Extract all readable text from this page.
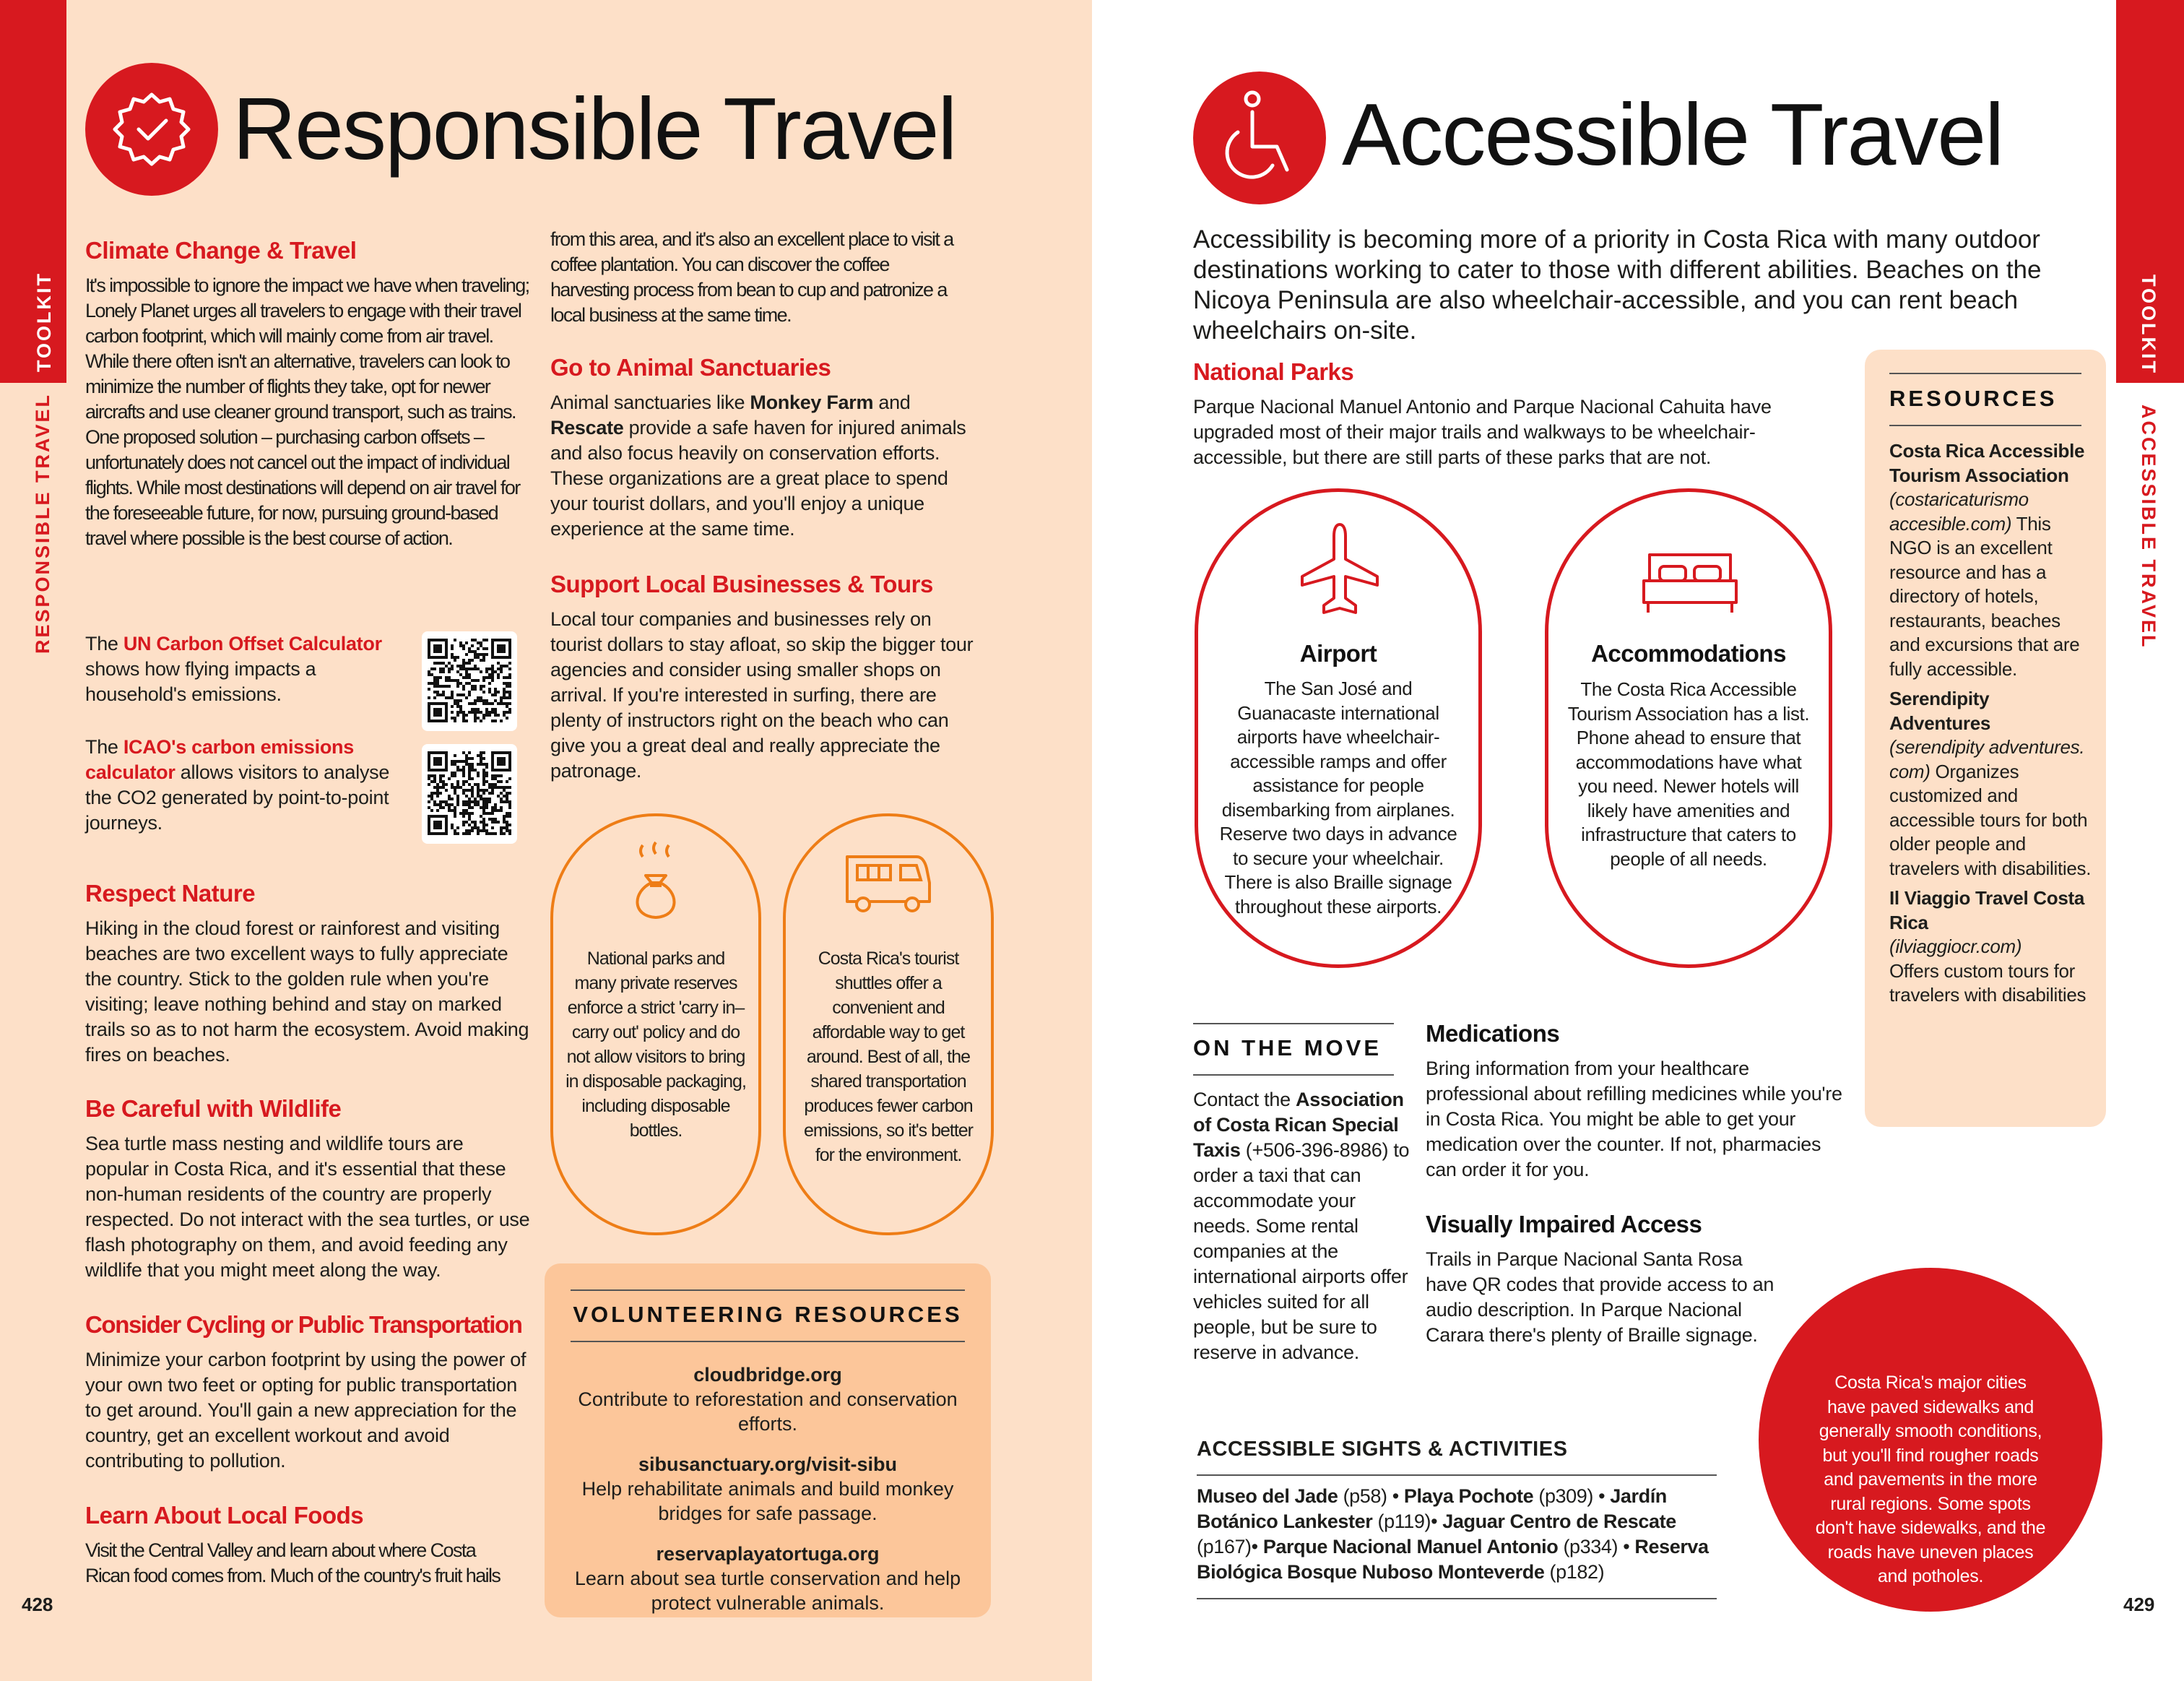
TOOLKIT
RESPONSIBLE TRAVEL
Responsible Travel
Climate Change & Travel
It's impossible to ignore the impact we have when traveling; Lonely Planet urges all travelers to engage with their travel carbon footprint, which will mainly come from air travel. While there often isn't an alternative, travelers can look to minimize the number of flights they take, opt for newer aircrafts and use cleaner ground transport, such as trains. One proposed solution – purchasing carbon offsets – unfortunately does not cancel out the impact of individual flights. While most destinations will depend on air travel for the foreseeable future, for now, pursuing ground-based travel where possible is the best course of action.
The UN Carbon Offset Calculator shows how flying impacts a household's emissions.
The ICAO's carbon emissions calculator allows visitors to analyse the CO2 generated by point-to-point journeys.
Respect Nature
Hiking in the cloud forest or rainforest and visiting beaches are two excellent ways to fully appreciate the country. Stick to the golden rule when you're visiting; leave nothing behind and stay on marked trails so as to not harm the ecosystem. Avoid making fires on beaches.
Be Careful with Wildlife
Sea turtle mass nesting and wildlife tours are popular in Costa Rica, and it's essential that these non-human residents of the country are properly respected. Do not interact with the sea turtles, or use flash photography on them, and avoid feeding any wildlife that you might meet along the way.
Consider Cycling or Public Transportation
Minimize your carbon footprint by using the power of your own two feet or opting for public transportation to get around. You'll gain a new appreciation for the country, get an excellent workout and avoid contributing to pollution.
Learn About Local Foods
Visit the Central Valley and learn about where Costa Rican food comes from. Much of the country's fruit hails
428
from this area, and it's also an excellent place to visit a coffee plantation. You can discover the coffee harvesting process from bean to cup and patronize a local business at the same time.
Go to Animal Sanctuaries
Animal sanctuaries like Monkey Farm and Rescate provide a safe haven for injured animals and also focus heavily on conservation efforts. These organizations are a great place to spend your tourist dollars, and you'll enjoy a unique experience at the same time.
Support Local Businesses & Tours
Local tour companies and businesses rely on tourist dollars to stay afloat, so skip the bigger tour agencies and consider using smaller shops on arrival. If you're interested in surfing, there are plenty of instructors right on the beach who can give you a great deal and really appreciate the patronage.
National parks and many private reserves enforce a strict 'carry in–carry out' policy and do not allow visitors to bring in disposable packaging, including disposable bottles.
Costa Rica's tourist shuttles offer a convenient and affordable way to get around. Best of all, the shared transportation produces fewer carbon emissions, so it's better for the environment.
VOLUNTEERING RESOURCES
cloudbridge.org
Contribute to reforestation and conservation efforts.
sibusanctuary.org/visit-sibu
Help rehabilitate animals and build monkey bridges for safe passage.
reservaplayatortuga.org
Learn about sea turtle conservation and help protect vulnerable animals.
TOOLKIT
ACCESSIBLE TRAVEL
Accessible Travel
Accessibility is becoming more of a priority in Costa Rica with many outdoor destinations working to cater to those with different abilities. Beaches on the Nicoya Peninsula are also wheelchair-accessible, and you can rent beach wheelchairs on-site.
National Parks
Parque Nacional Manuel Antonio and Parque Nacional Cahuita have upgraded most of their major trails and walkways to be wheelchair-accessible, but there are still parts of these parks that are not.
Airport
The San José and Guanacaste international airports have wheelchair-accessible ramps and offer assistance for people disembarking from airplanes. Reserve two days in advance to secure your wheelchair. There is also Braille signage throughout these airports.
Accommodations
The Costa Rica Accessible Tourism Association has a list. Phone ahead to ensure that accommodations have what you need. Newer hotels will likely have amenities and infrastructure that caters to people of all needs.
ON THE MOVE
Contact the Association of Costa Rican Special Taxis (+506-396-8986) to order a taxi that can accommodate your needs. Some rental companies at the international airports offer vehicles suited for all people, but be sure to reserve in advance.
Medications
Bring information from your healthcare professional about refilling medicines while you're in Costa Rica. You might be able to get your medication over the counter. If not, pharmacies can order it for you.
Visually Impaired Access
Trails in Parque Nacional Santa Rosa have QR codes that provide access to an audio description. In Parque Nacional Carara there's plenty of Braille signage.
ACCESSIBLE SIGHTS & ACTIVITIES
Museo del Jade (p58) • Playa Pochote (p309) • Jardín Botánico Lankester (p119)• Jaguar Centro de Rescate (p167)• Parque Nacional Manuel Antonio (p334) • Reserva Biológica Bosque Nuboso Monteverde (p182)
RESOURCES
Costa Rica Accessible Tourism Association
(costaricaturismo accesible.com) This NGO is an excellent resource and has a directory of hotels, restaurants, beaches and excursions that are fully accessible.
Serendipity Adventures
(serendipity adventures. com) Organizes customized and accessible tours for both older people and travelers with disabilities.
Il Viaggio Travel Costa Rica
(ilviaggiocr.com)
Offers custom tours for travelers with disabilities
Costa Rica's major cities have paved sidewalks and generally smooth conditions, but you'll find rougher roads and pavements in the more rural regions. Some spots don't have sidewalks, and the roads have uneven places and potholes.
429
